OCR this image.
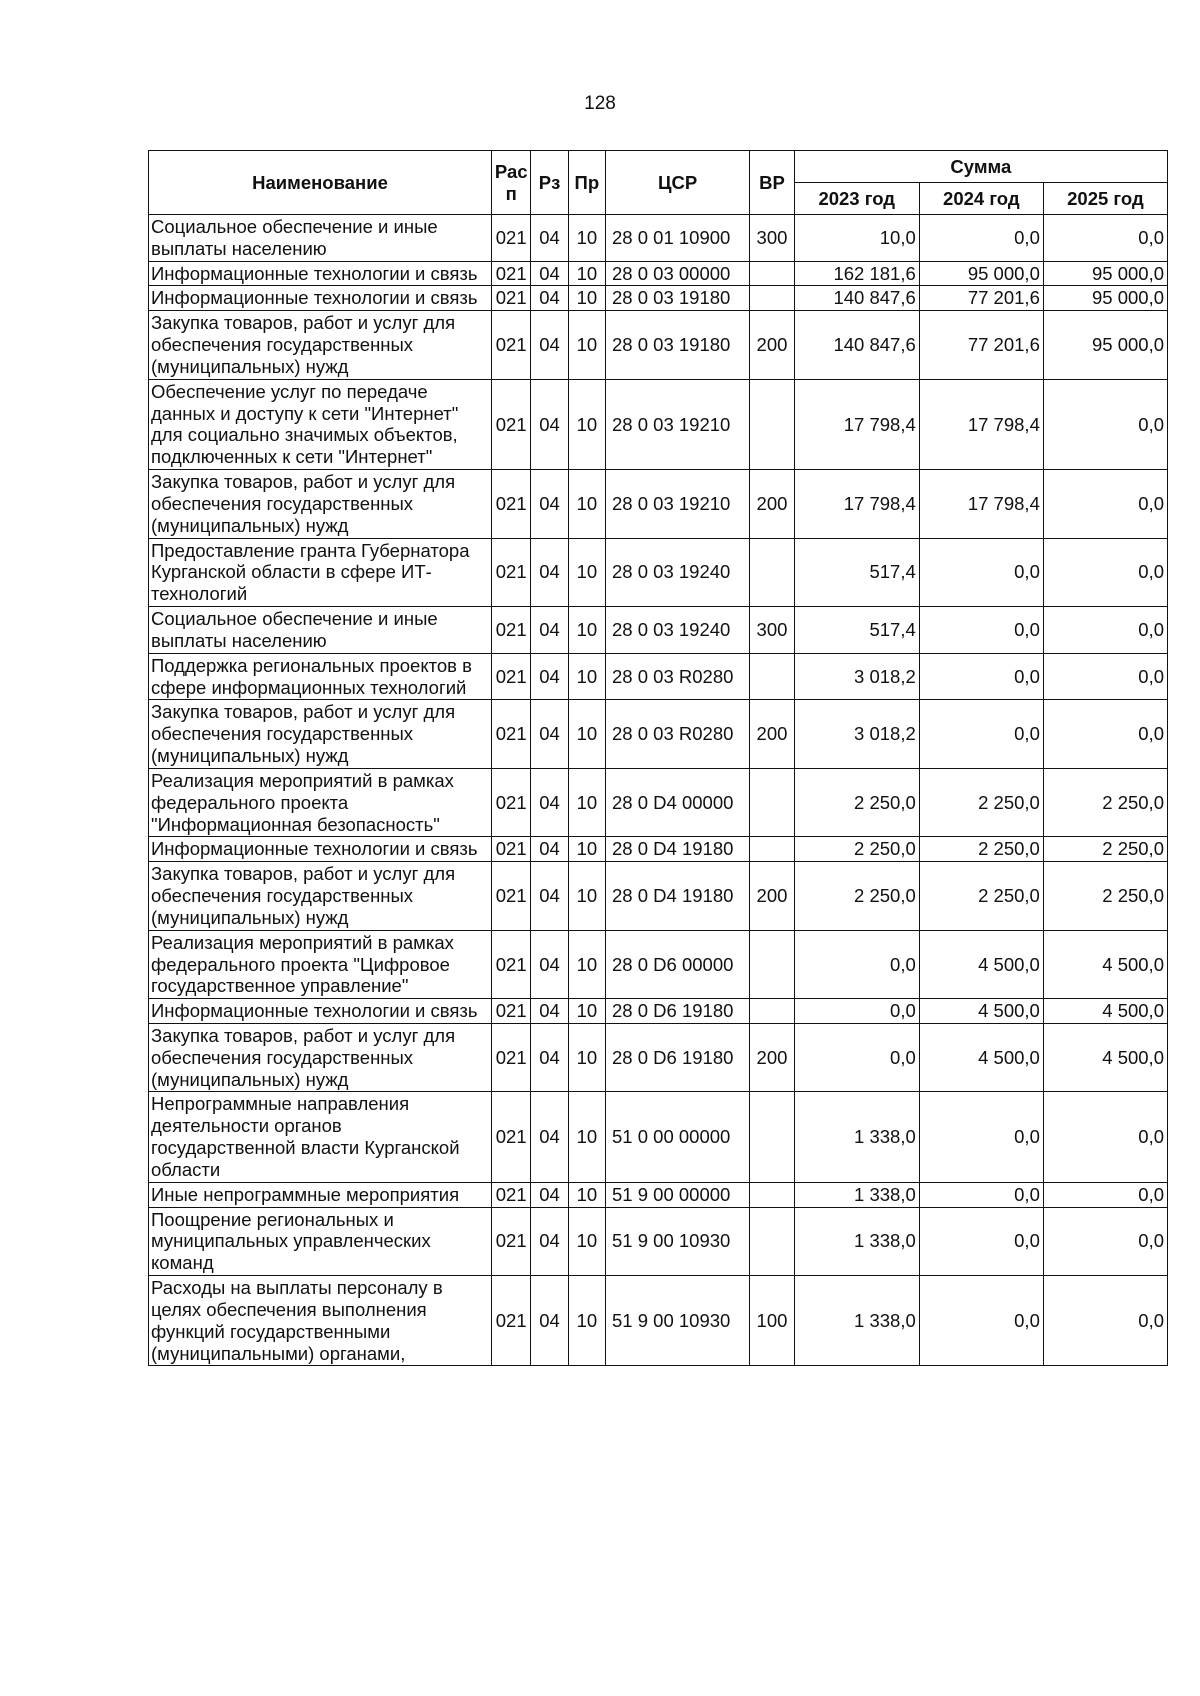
128
Наименование	Рас п	Рз	Пр	ЦСР	ВР	Сумма		
						2023 год	2024 год	2025 год
Социальное обеспечение и иные выплаты населению	021	04	10	28 0 01 10900	300	10,0	0,0	0,0
Информационные технологии и связь	021	04	10	28 0 03 00000		162 181,6	95 000,0	95 000,0
Информационные технологии и связь	021	04	10	28 0 03 19180		140 847,6	77 201,6	95 000,0
Закупка товаров, работ и услуг для обеспечения государственных (муниципальных) нужд	021	04	10	28 0 03 19180	200	140 847,6	77 201,6	95 000,0
Обеспечение услуг по передаче данных и доступу к сети "Интернет" для социально значимых объектов, подключенных к сети "Интернет"	021	04	10	28 0 03 19210		17 798,4	17 798,4	0,0
Закупка товаров, работ и услуг для обеспечения государственных (муниципальных) нужд	021	04	10	28 0 03 19210	200	17 798,4	17 798,4	0,0
Предоставление гранта Губернатора Курганской области в сфере ИТ-технологий	021	04	10	28 0 03 19240		517,4	0,0	0,0
Социальное обеспечение и иные выплаты населению	021	04	10	28 0 03 19240	300	517,4	0,0	0,0
Поддержка региональных проектов в сфере информационных технологий	021	04	10	28 0 03 R0280		3 018,2	0,0	0,0
Закупка товаров, работ и услуг для обеспечения государственных (муниципальных) нужд	021	04	10	28 0 03 R0280	200	3 018,2	0,0	0,0
Реализация мероприятий в рамках федерального проекта "Информационная безопасность"	021	04	10	28 0 D4 00000		2 250,0	2 250,0	2 250,0
Информационные технологии и связь	021	04	10	28 0 D4 19180		2 250,0	2 250,0	2 250,0
Закупка товаров, работ и услуг для обеспечения государственных (муниципальных) нужд	021	04	10	28 0 D4 19180	200	2 250,0	2 250,0	2 250,0
Реализация мероприятий в рамках федерального проекта "Цифровое государственное управление"	021	04	10	28 0 D6 00000		0,0	4 500,0	4 500,0
Информационные технологии и связь	021	04	10	28 0 D6 19180		0,0	4 500,0	4 500,0
Закупка товаров, работ и услуг для обеспечения государственных (муниципальных) нужд	021	04	10	28 0 D6 19180	200	0,0	4 500,0	4 500,0
Непрограммные направления деятельности органов государственной власти Курганской области	021	04	10	51 0 00 00000		1 338,0	0,0	0,0
Иные непрограммные мероприятия	021	04	10	51 9 00 00000		1 338,0	0,0	0,0
Поощрение региональных и муниципальных управленческих команд	021	04	10	51 9 00 10930		1 338,0	0,0	0,0
Расходы на выплаты персоналу в целях обеспечения выполнения функций государственными (муниципальными) органами,	021	04	10	51 9 00 10930	100	1 338,0	0,0	0,0
